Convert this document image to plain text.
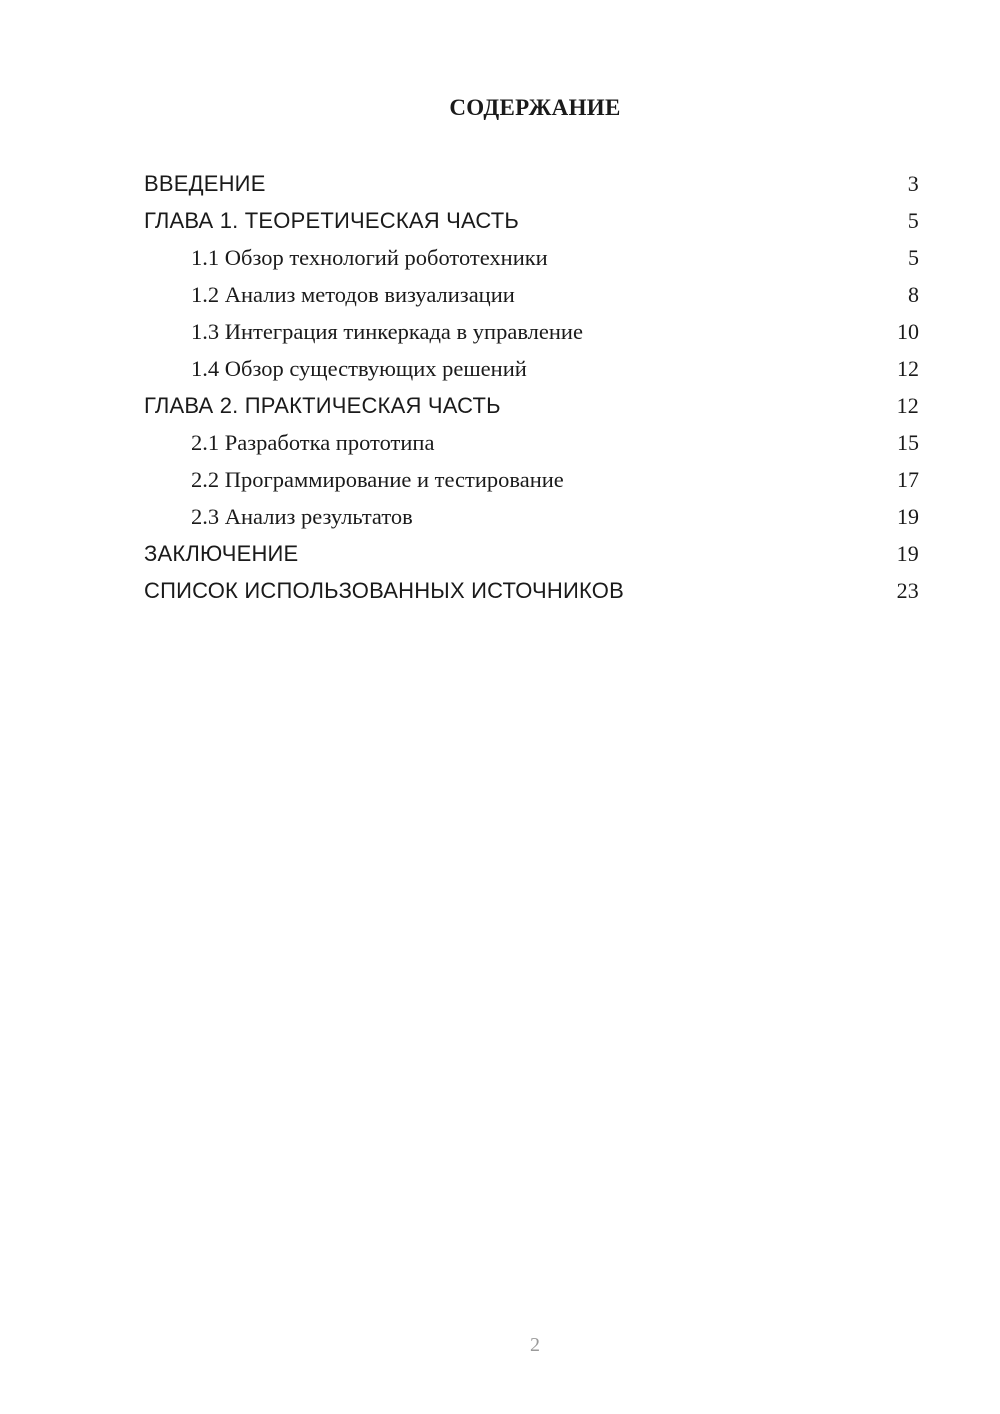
СОДЕРЖАНИЕ
ВВЕДЕНИЕ	3
ГЛАВА 1. ТЕОРЕТИЧЕСКАЯ ЧАСТЬ	5
1.1 Обзор технологий робототехники	5
1.2 Анализ методов визуализации	8
1.3 Интеграция тинкеркада в управление	10
1.4 Обзор существующих решений	12
ГЛАВА 2. ПРАКТИЧЕСКАЯ ЧАСТЬ	12
2.1 Разработка прототипа	15
2.2 Программирование и тестирование	17
2.3 Анализ результатов	19
ЗАКЛЮЧЕНИЕ	19
СПИСОК ИСПОЛЬЗОВАННЫХ ИСТОЧНИКОВ	23
2
